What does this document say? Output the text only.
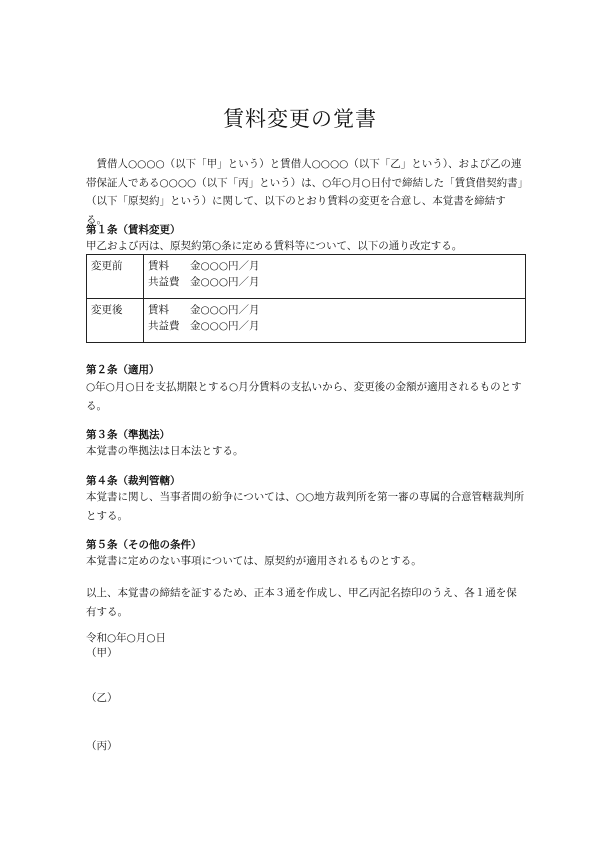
賃料変更の覚書
　賃借人○○○○（以下「甲」という）と賃借人○○○○（以下「乙」という）、および乙の連帯保証人である○○○○（以下「丙」という）は、○年○月○日付で締結した「賃貸借契約書」（以下「原契約」という）に関して、以下のとおり賃料の変更を合意し、本覚書を締結する。
第１条（賃料変更）
甲乙および丙は、原契約第○条に定める賃料等について、以下の通り改定する。
変更前	賃料 金○○○円／月
共益費 金○○○円／月

変更後	賃料 金○○○円／月
共益費 金○○○円／月
第２条（適用）
○年○月○日を支払期限とする○月分賃料の支払いから、変更後の金額が適用されるものとする。
第３条（準拠法）
本覚書の準拠法は日本法とする。
第４条（裁判管轄）
本覚書に関し、当事者間の紛争については、○○地方裁判所を第一審の専属的合意管轄裁判所とする。
第５条（その他の条件）
本覚書に定めのない事項については、原契約が適用されるものとする。
以上、本覚書の締結を証するため、正本３通を作成し、甲乙丙記名捺印のうえ、各１通を保有する。
令和○年○月○日
（甲）
（乙）
（丙）
